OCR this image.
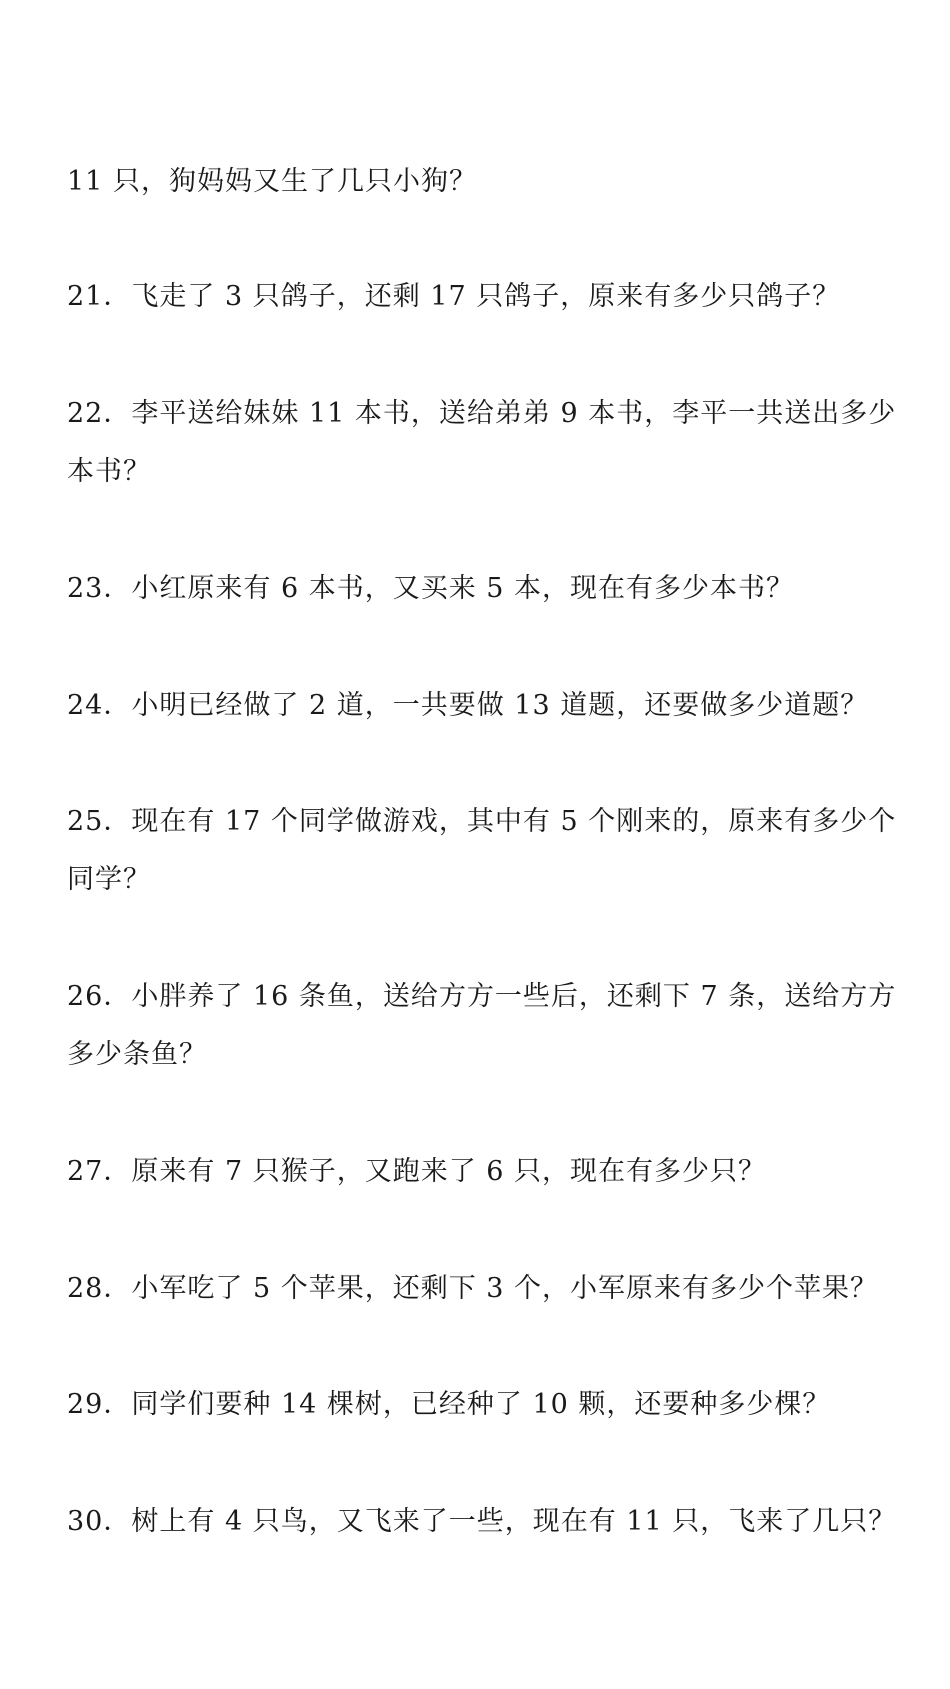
11 只，狗妈妈又生了几只小狗？

21．飞走了 3 只鸽子，还剩 17 只鸽子，原来有多少只鸽子？

22．李平送给妹妹 11 本书，送给弟弟 9 本书，李平一共送出多少本书？

23．小红原来有 6 本书，又买来 5 本，现在有多少本书？

24．小明已经做了 2 道，一共要做 13 道题，还要做多少道题？

25．现在有 17 个同学做游戏，其中有 5 个刚来的，原来有多少个同学？

26．小胖养了 16 条鱼，送给方方一些后，还剩下 7 条，送给方方多少条鱼？

27．原来有 7 只猴子，又跑来了 6 只，现在有多少只？

28．小军吃了 5 个苹果，还剩下 3 个，小军原来有多少个苹果？

29．同学们要种 14 棵树，已经种了 10 颗，还要种多少棵？

30．树上有 4 只鸟，又飞来了一些，现在有 11 只，飞来了几只？
